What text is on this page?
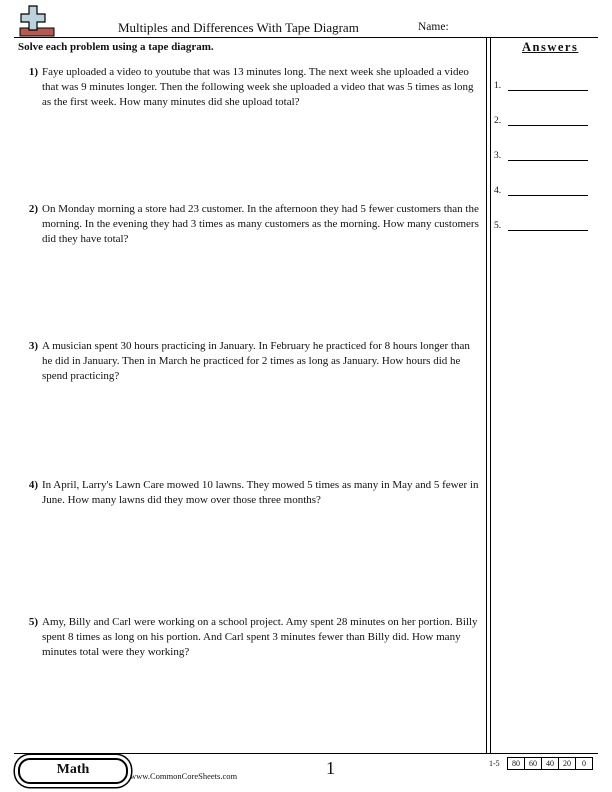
Multiples and Differences With Tape Diagram	Name:
Solve each problem using a tape diagram.	Answers
1) Faye uploaded a video to youtube that was 13 minutes long. The next week she uploaded a video that was 9 minutes longer. Then the following week she uploaded a video that was 5 times as long as the first week. How many minutes did she upload total?
2) On Monday morning a store had 23 customer. In the afternoon they had 5 fewer customers than the morning. In the evening they had 3 times as many customers as the morning. How many customers did they have total?
3) A musician spent 30 hours practicing in January. In February he practiced for 8 hours longer than he did in January. Then in March he practiced for 2 times as long as January. How hours did he spend practicing?
4) In April, Larry's Lawn Care mowed 10 lawns. They mowed 5 times as many in May and 5 fewer in June. How many lawns did they mow over those three months?
5) Amy, Billy and Carl were working on a school project. Amy spent 28 minutes on her portion. Billy spent 8 times as long on his portion. And Carl spent 3 minutes fewer than Billy did. How many minutes total were they working?
1.
2.
3.
4.
5.
Math	www.CommonCoreSheets.com	1	1-5	80	60	40	20	0
